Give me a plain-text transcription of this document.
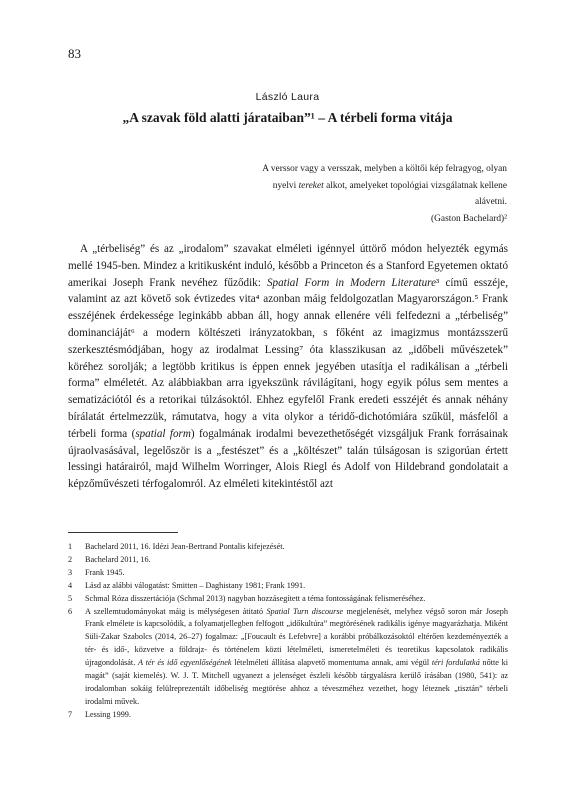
83
László Laura
„A szavak föld alatti járataiban”¹ – A térbeli forma vitája

A verssor vagy a versszak, melyben a költői kép felragyog, olyan nyelvi tereket alkot, amelyeket topológiai vizsgálatnak kellene alávetni.

(Gaston Bachelard)²

A „térbeliség” és az „irodalom” szavakat elméleti igénnyel úttörő módon helyezték egymás mellé 1945-ben. Mindez a kritikusként induló, később a Princeton és a Stanford Egyetemen oktató amerikai Joseph Frank nevéhez fűződik: Spatial Form in Modern Literature³ című esszéje, valamint az azt követő sok évtizedes vita⁴ azonban máig feldolgozatlan Magyarországon.⁵ Frank esszéjének érdekessége leginkább abban áll, hogy annak ellenére véli felfedezni a „térbeliség” dominanciáját⁶ a modern költészeti irányzatokban, s főként az imagizmus montázsszerű szerkesztésmódjában, hogy az irodalmat Lessing⁷ óta klasszikusan az „időbeli művészetek” köréhez sorolják; a legtöbb kritikus is éppen ennek jegyében utasítja el radikálisan a „térbeli forma” elméletét. Az alábbiakban arra igyekszünk rávilágítani, hogy egyik pólus sem mentes a sematizációtól és a retorikai túlzásoktól. Ehhez egyfelől Frank eredeti esszéjét és annak néhány bírálatát értelmezzük, rámutatva, hogy a vita olykor a téridő-dichotómiára szűkül, másfelől a térbeli forma (spatial form) fogalmának irodalmi bevezethetőségét vizsgáljuk Frank forrásainak újraolvasásával, legelőször is a „festészet” és a „költészet” talán túlságosan is szigorúan értett lessingi határairól, majd Wilhelm Worringer, Alois Riegl és Adolf von Hildebrand gondolatait a képzőművészeti térfogalomról. Az elméleti kitekintéstől azt

1	Bachelard 2011, 16. Idézi Jean-Bertrand Pontalis kifejezését.
2	Bachelard 2011, 16.
3	Frank 1945.
4	Lásd az alábbi válogatást: Smitten – Daghistany 1981; Frank 1991.
5	Schmal Róza disszertációja (Schmal 2013) nagyban hozzásegített a téma fontosságának felismeréséhez.
6	A szellemtudományokat máig is mélységesen átitató Spatial Turn discourse megjelenését, melyhez végső soron már Joseph Frank elmélete is kapcsolódik, a folyamatjellegben felfogott „időkultúra” megtörésének radikális igénye magyarázhatja. Miként Süli-Zakar Szabolcs (2014, 26–27) fogalmaz: „[Foucault és Lefebvre] a korábbi próbálkozásoktól eltérően kezdeményezték a tér- és idő-, közvetve a földrajz- és történelem közti lételméleti, ismeretelméleti és teoretikus kapcsolatok radikális újragondolását. A tér és idő egyenlőségének lételméleti állítása alapvető momentuma annak, ami végül téri fordulatká nőtte ki magát” (saját kiemelés). W. J. T. Mitchell ugyanezt a jelenséget észleli később tárgyalásra kerülő írásában (1980, 541): az irodalomban sokáig felülreprezentált időbeliség megtörése ahhoz a téveszméhez vezethet, hogy léteznek „tisztán” térbeli irodalmi művek.
7	Lessing 1999.
